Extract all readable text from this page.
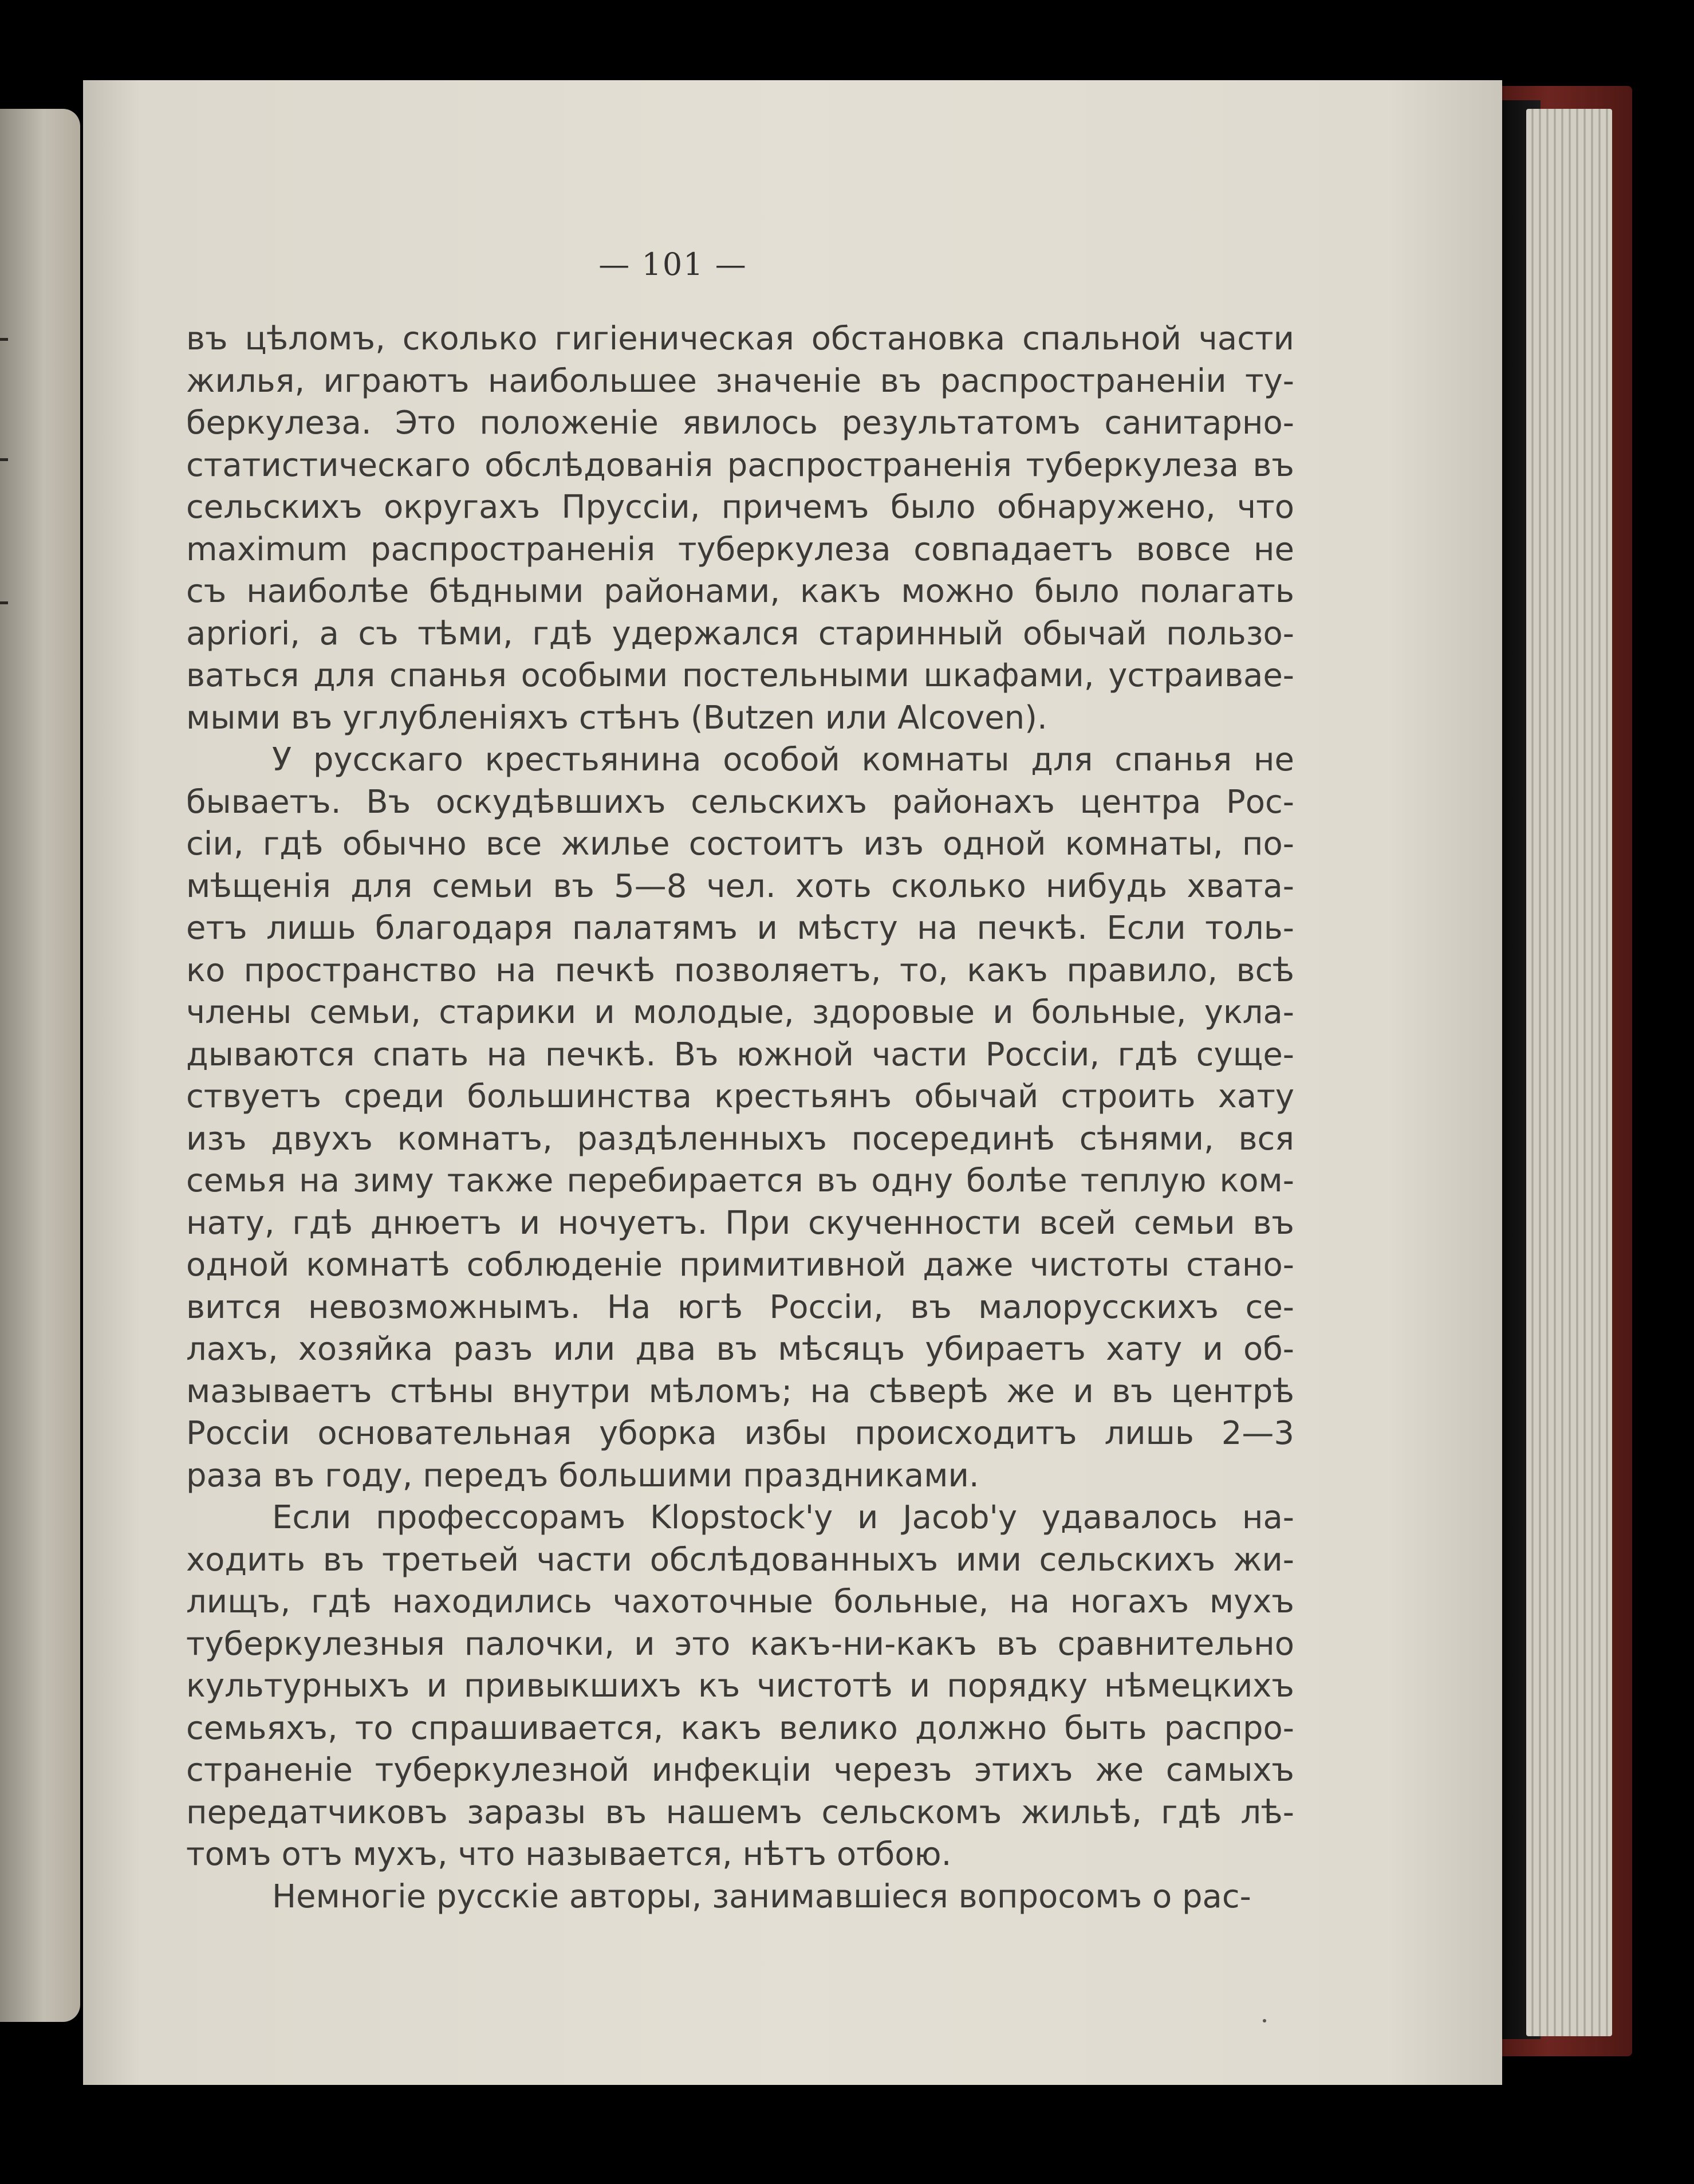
— 101 —
въ цѣломъ, сколько гигіеническая обстановка спальной части
жилья, играютъ наибольшее значеніе въ распространеніи ту-
беркулеза. Это положеніе явилось результатомъ санитарно-
статистическаго обслѣдованія распространенія туберкулеза въ
сельскихъ округахъ Пруссіи, причемъ было обнаружено, что
maximum распространенія туберкулеза совпадаетъ вовсе не
съ наиболѣе бѣдными районами, какъ можно было полагать
apriori, а съ тѣми, гдѣ удержался старинный обычай пользо-
ваться для спанья особыми постельными шкафами, устраивае-
мыми въ углубленіяхъ стѣнъ (Butzen или Alcoven).
У русскаго крестьянина особой комнаты для спанья не
бываетъ. Въ оскудѣвшихъ сельскихъ районахъ центра Рос-
сіи, гдѣ обычно все жилье состоитъ изъ одной комнаты, по-
мѣщенія для семьи въ 5—8 чел. хоть сколько нибудь хвата-
етъ лишь благодаря палатямъ и мѣсту на печкѣ. Если толь-
ко пространство на печкѣ позволяетъ, то, какъ правило, всѣ
члены семьи, старики и молодые, здоровые и больные, укла-
дываются спать на печкѣ. Въ южной части Россіи, гдѣ суще-
ствуетъ среди большинства крестьянъ обычай строить хату
изъ двухъ комнатъ, раздѣленныхъ посерединѣ сѣнями, вся
семья на зиму также перебирается въ одну болѣе теплую ком-
нату, гдѣ днюетъ и ночуетъ. При скученности всей семьи въ
одной комнатѣ соблюденіе примитивной даже чистоты стано-
вится невозможнымъ. На югѣ Россіи, въ малорусскихъ се-
лахъ, хозяйка разъ или два въ мѣсяцъ убираетъ хату и об-
мазываетъ стѣны внутри мѣломъ; на сѣверѣ же и въ центрѣ
Россіи основательная уборка избы происходитъ лишь 2—3
раза въ году, передъ большими праздниками.
Если профессорамъ Klopstock'у и Jacob'у удавалось на-
ходить въ третьей части обслѣдованныхъ ими сельскихъ жи-
лищъ, гдѣ находились чахоточные больные, на ногахъ мухъ
туберкулезныя палочки, и это какъ-ни-какъ въ сравнительно
культурныхъ и привыкшихъ къ чистотѣ и порядку нѣмецкихъ
семьяхъ, то спрашивается, какъ велико должно быть распро-
страненіе туберкулезной инфекціи черезъ этихъ же самыхъ
передатчиковъ заразы въ нашемъ сельскомъ жильѣ, гдѣ лѣ-
томъ отъ мухъ, что называется, нѣтъ отбою.
Немногіе русскіе авторы, занимавшіеся вопросомъ о рас-
